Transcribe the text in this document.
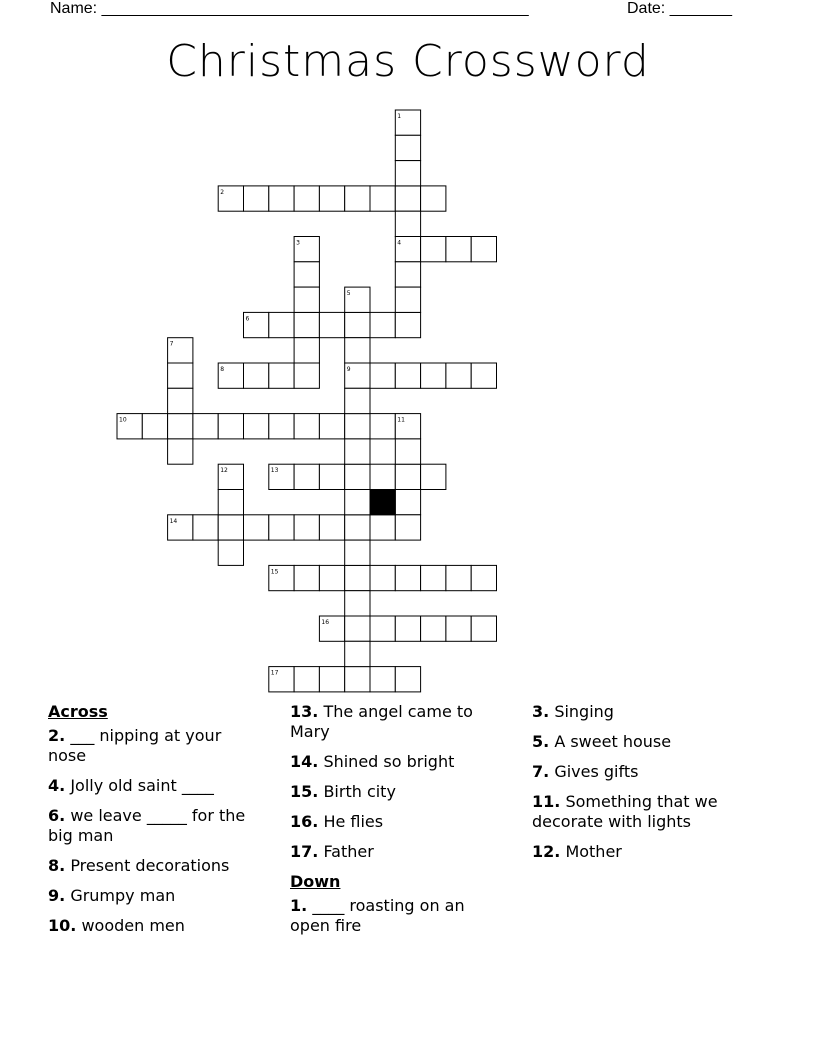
Name: ________________________________________________	Date: _______
Christmas Crossword
1
2
3	4
5
6
7
8	9
10	11
12	13
14
15
16
17
Across
2. ___ nipping at your nose
4. Jolly old saint ____
6. we leave _____ for the big man
8. Present decorations
9. Grumpy man
10. wooden men
13. The angel came to Mary
14. Shined so bright
15. Birth city
16. He flies
17. Father
Down
1. ____ roasting on an open fire
3. Singing
5. A sweet house
7. Gives gifts
11. Something that we decorate with lights
12. Mother
